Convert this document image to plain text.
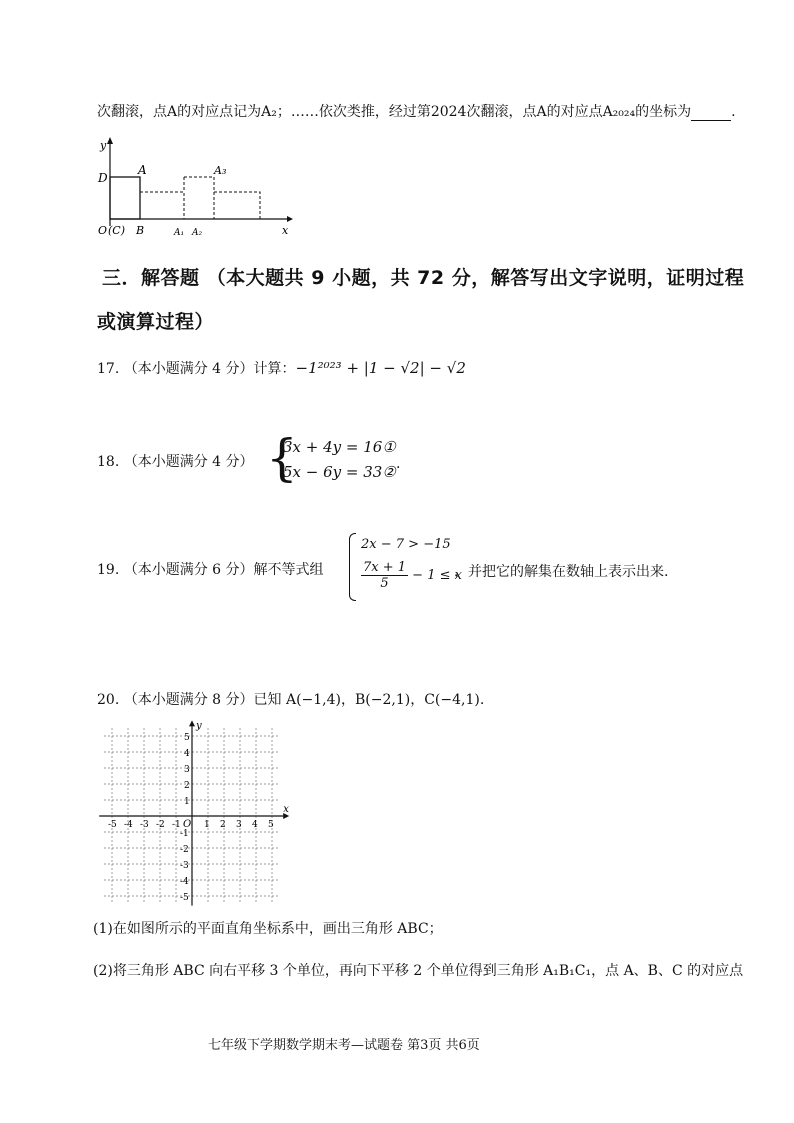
次翻滚，点A的对应点记为A₂；……依次类推，经过第2024次翻滚，点A的对应点A₂₀₂₄的坐标为	.
y
x
D
A	A₃
O (C) B	A₁ A₂
三．解答题 （本大题共 9 小题，共 72 分，解答写出文字说明，证明过程
或演算过程）
17. （本小题满分 4 分）计算：−1²⁰²³ + |1 − √2| − √2
18. （本小题满分 4 分） {
3x + 4y = 16①
5x − 6y = 33② .
19. （本小题满分 6 分）解不等式组
2x − 7 > −15
$\frac{7x + 1}{5} - 1 \le x$
，并把它的解集在数轴上表示出来.
20. （本小题满分 8 分）已知 A(−1,4)，B(−2,1)，C(−4,1).
-5 -4 -3 -2 -1	1 2 3 4 5
5
4
3
2
1
-1
-2
-3
-4
-5
O
x
y
(1)在如图所示的平面直角坐标系中，画出三角形 ABC；
(2)将三角形 ABC 向右平移 3 个单位，再向下平移 2 个单位得到三角形 A₁B₁C₁，点 A、B、C 的对应点
七年级下学期数学期末考—试题卷 第3页 共6页
